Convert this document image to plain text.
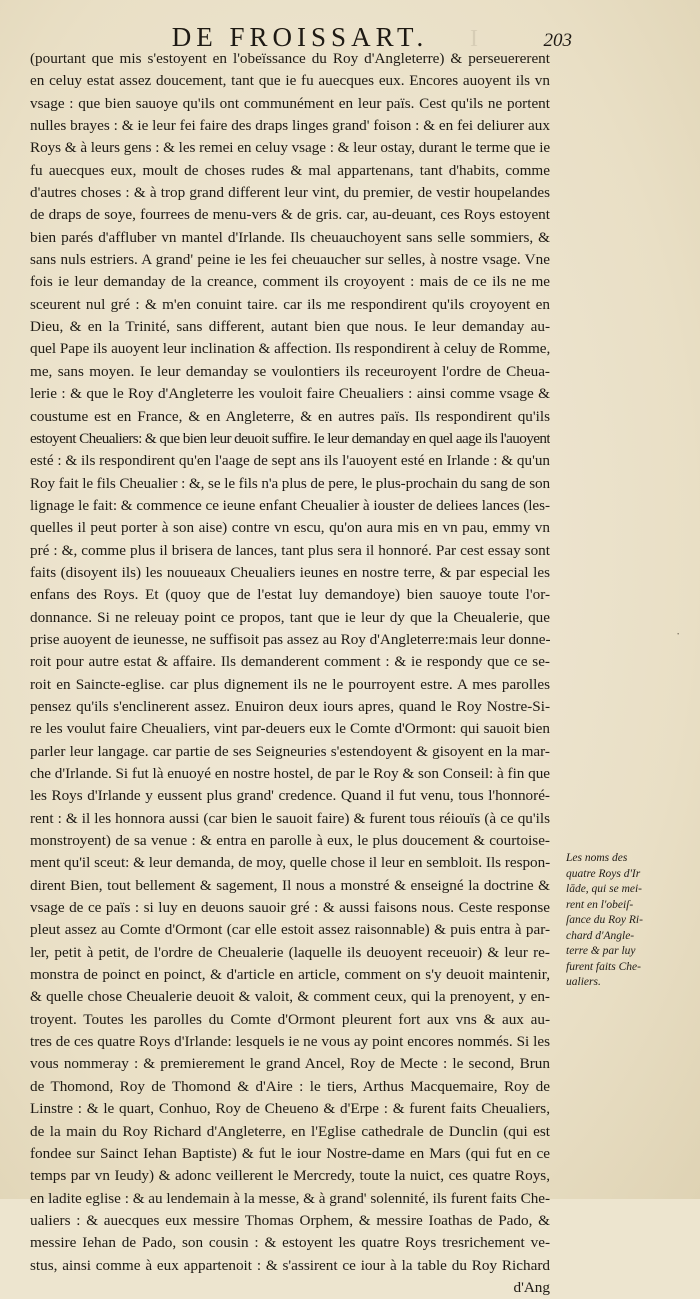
I
DE FROISSART.	203
(pourtant que mis s'estoyent en l'obeïssance du Roy d'Angleterre) & perseuererent
en celuy estat assez doucement, tant que ie fu auecques eux. Encores auoyent ils vn
vsage : que bien sauoye qu'ils ont communément en leur païs. Cest qu'ils ne portent
nulles brayes : & ie leur fei faire des draps linges grand' foison : & en fei deliurer aux
Roys & à leurs gens : & les remei en celuy vsage : & leur ostay, durant le terme que ie
fu auecques eux, moult de choses rudes & mal appartenans, tant d'habits, comme
d'autres choses : & à trop grand different leur vint, du premier, de vestir houpelandes
de draps de soye, fourrees de menu-vers & de gris. car, au-deuant, ces Roys estoyent
bien parés d'affluber vn mantel d'Irlande. Ils cheuauchoyent sans selle sommiers, &
sans nuls estriers. A grand' peine ie les fei cheuaucher sur selles, à nostre vsage. Vne
fois ie leur demanday de la creance, comment ils croyoyent : mais de ce ils ne me
sceurent nul gré : & m'en conuint taire. car ils me respondirent qu'ils croyoyent en
Dieu, & en la Trinité, sans different, autant bien que nous. Ie leur demanday au-
quel Pape ils auoyent leur inclination & affection. Ils respondirent à celuy de Romme,
me, sans moyen. Ie leur demanday se voulontiers ils receuroyent l'ordre de Cheua-
lerie : & que le Roy d'Angleterre les vouloit faire Cheualiers : ainsi comme vsage &
coustume est en France, & en Angleterre, & en autres païs. Ils respondirent qu'ils
estoyent Cheualiers: & que bien leur deuoit suffire. Ie leur demanday en quel aage ils l'auoyent
esté : & ils respondirent qu'en l'aage de sept ans ils l'auoyent esté en Irlande : & qu'un
Roy fait le fils Cheualier : &, se le fils n'a plus de pere, le plus-prochain du sang de son
lignage le fait: & commence ce ieune enfant Cheualier à iouster de deliees lances (les-
quelles il peut porter à son aise) contre vn escu, qu'on aura mis en vn pau, emmy vn
pré : &, comme plus il brisera de lances, tant plus sera il honnoré. Par cest essay sont
faits (disoyent ils) les nouueaux Cheualiers ieunes en nostre terre, & par especial les
enfans des Roys. Et (quoy que de l'estat luy demandoye) bien sauoye toute l'or-
donnance. Si ne releuay point ce propos, tant que ie leur dy que la Cheualerie, que
prise auoyent de ieunesse, ne suffisoit pas assez au Roy d'Angleterre:mais leur donne-
roit pour autre estat & affaire. Ils demanderent comment : & ie respondy que ce se-
roit en Saincte-eglise. car plus dignement ils ne le pourroyent estre. A mes parolles
pensez qu'ils s'enclinerent assez. Enuiron deux iours apres, quand le Roy Nostre-Si-
re les voulut faire Cheualiers, vint par-deuers eux le Comte d'Ormont: qui sauoit bien
parler leur langage. car partie de ses Seigneuries s'estendoyent & gisoyent en la mar-
che d'Irlande. Si fut là enuoyé en nostre hostel, de par le Roy & son Conseil: à fin que
les Roys d'Irlande y eussent plus grand' credence. Quand il fut venu, tous l'honnoré-
rent : & il les honnora aussi (car bien le sauoit faire) & furent tous réiouïs (à ce qu'ils
monstroyent) de sa venue : & entra en parolle à eux, le plus doucement & courtoise-
ment qu'il sceut: & leur demanda, de moy, quelle chose il leur en sembloit. Ils respon-
dirent Bien, tout bellement & sagement, Il nous a monstré & enseigné la doctrine &
vsage de ce païs : si luy en deuons sauoir gré : & aussi faisons nous. Ceste response
pleut assez au Comte d'Ormont (car elle estoit assez raisonnable) & puis entra à par-
ler, petit à petit, de l'ordre de Cheualerie (laquelle ils deuoyent receuoir) & leur re-
monstra de poinct en poinct, & d'article en article, comment on s'y deuoit maintenir,
& quelle chose Cheualerie deuoit & valoit, & comment ceux, qui la prenoyent, y en-
troyent. Toutes les parolles du Comte d'Ormont pleurent fort aux vns & aux au-
tres de ces quatre Roys d'Irlande: lesquels ie ne vous ay point encores nommés. Si les
vous nommeray : & premierement le grand Ancel, Roy de Mecte : le second, Brun
de Thomond, Roy de Thomond & d'Aire : le tiers, Arthus Macquemaire, Roy de
Linstre : & le quart, Conhuo, Roy de Cheueno & d'Erpe : & furent faits Cheualiers,
de la main du Roy Richard d'Angleterre, en l'Eglise cathedrale de Dunclin (qui est
fondee sur Sainct Iehan Baptiste) & fut le iour Nostre-dame en Mars (qui fut en ce
temps par vn Ieudy) & adonc veillerent le Mercredy, toute la nuict, ces quatre Roys,
en ladite eglise : & au lendemain à la messe, & à grand' solennité, ils furent faits Che-
ualiers : & auecques eux messire Thomas Orphem, & messire Ioathas de Pado, &
messire Iehan de Pado, son cousin : & estoyent les quatre Roys tresrichement ve-
stus, ainsi comme à eux appartenoit : & s'assirent ce iour à la table du Roy Richard
d'Ang
Les noms des
quatre Roys d'Ir
lāde, qui se mei-
rent en l'obeiſ-
ſance du Roy Ri-
chard d'Angle-
terre & par luy
furent faits Che-
ualiers.
·
